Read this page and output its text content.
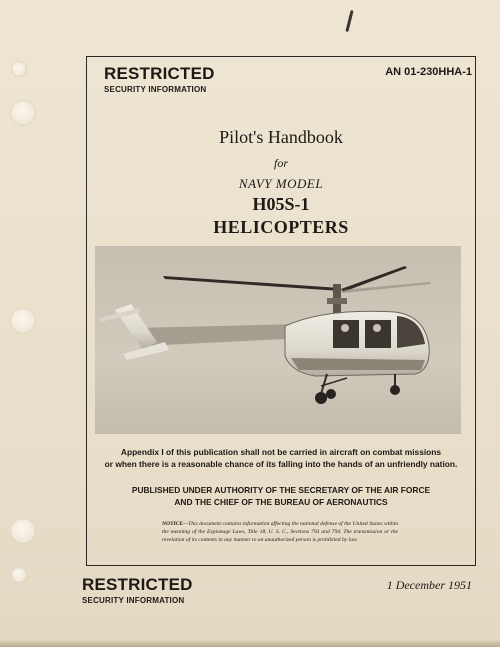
RESTRICTED
SECURITY INFORMATION
AN 01-230HHA-1
Pilot's Handbook
for
NAVY MODEL
H05S-1
HELICOPTERS
Appendix I of this publication shall not be carried in aircraft on combat missions
or when there is a reasonable chance of its falling into the hands of an unfriendly nation.
PUBLISHED UNDER AUTHORITY OF THE SECRETARY OF THE AIR FORCE
AND THE CHIEF OF THE BUREAU OF AERONAUTICS
NOTICE—This document contains information affecting the national defense of the United States within the meaning of the Espionage Laws, Title 18, U. S. C., Sections 793 and 794. The transmission or the revelation of its contents in any manner to an unauthorized person is prohibited by law.
RESTRICTED
SECURITY INFORMATION
1 December 1951
